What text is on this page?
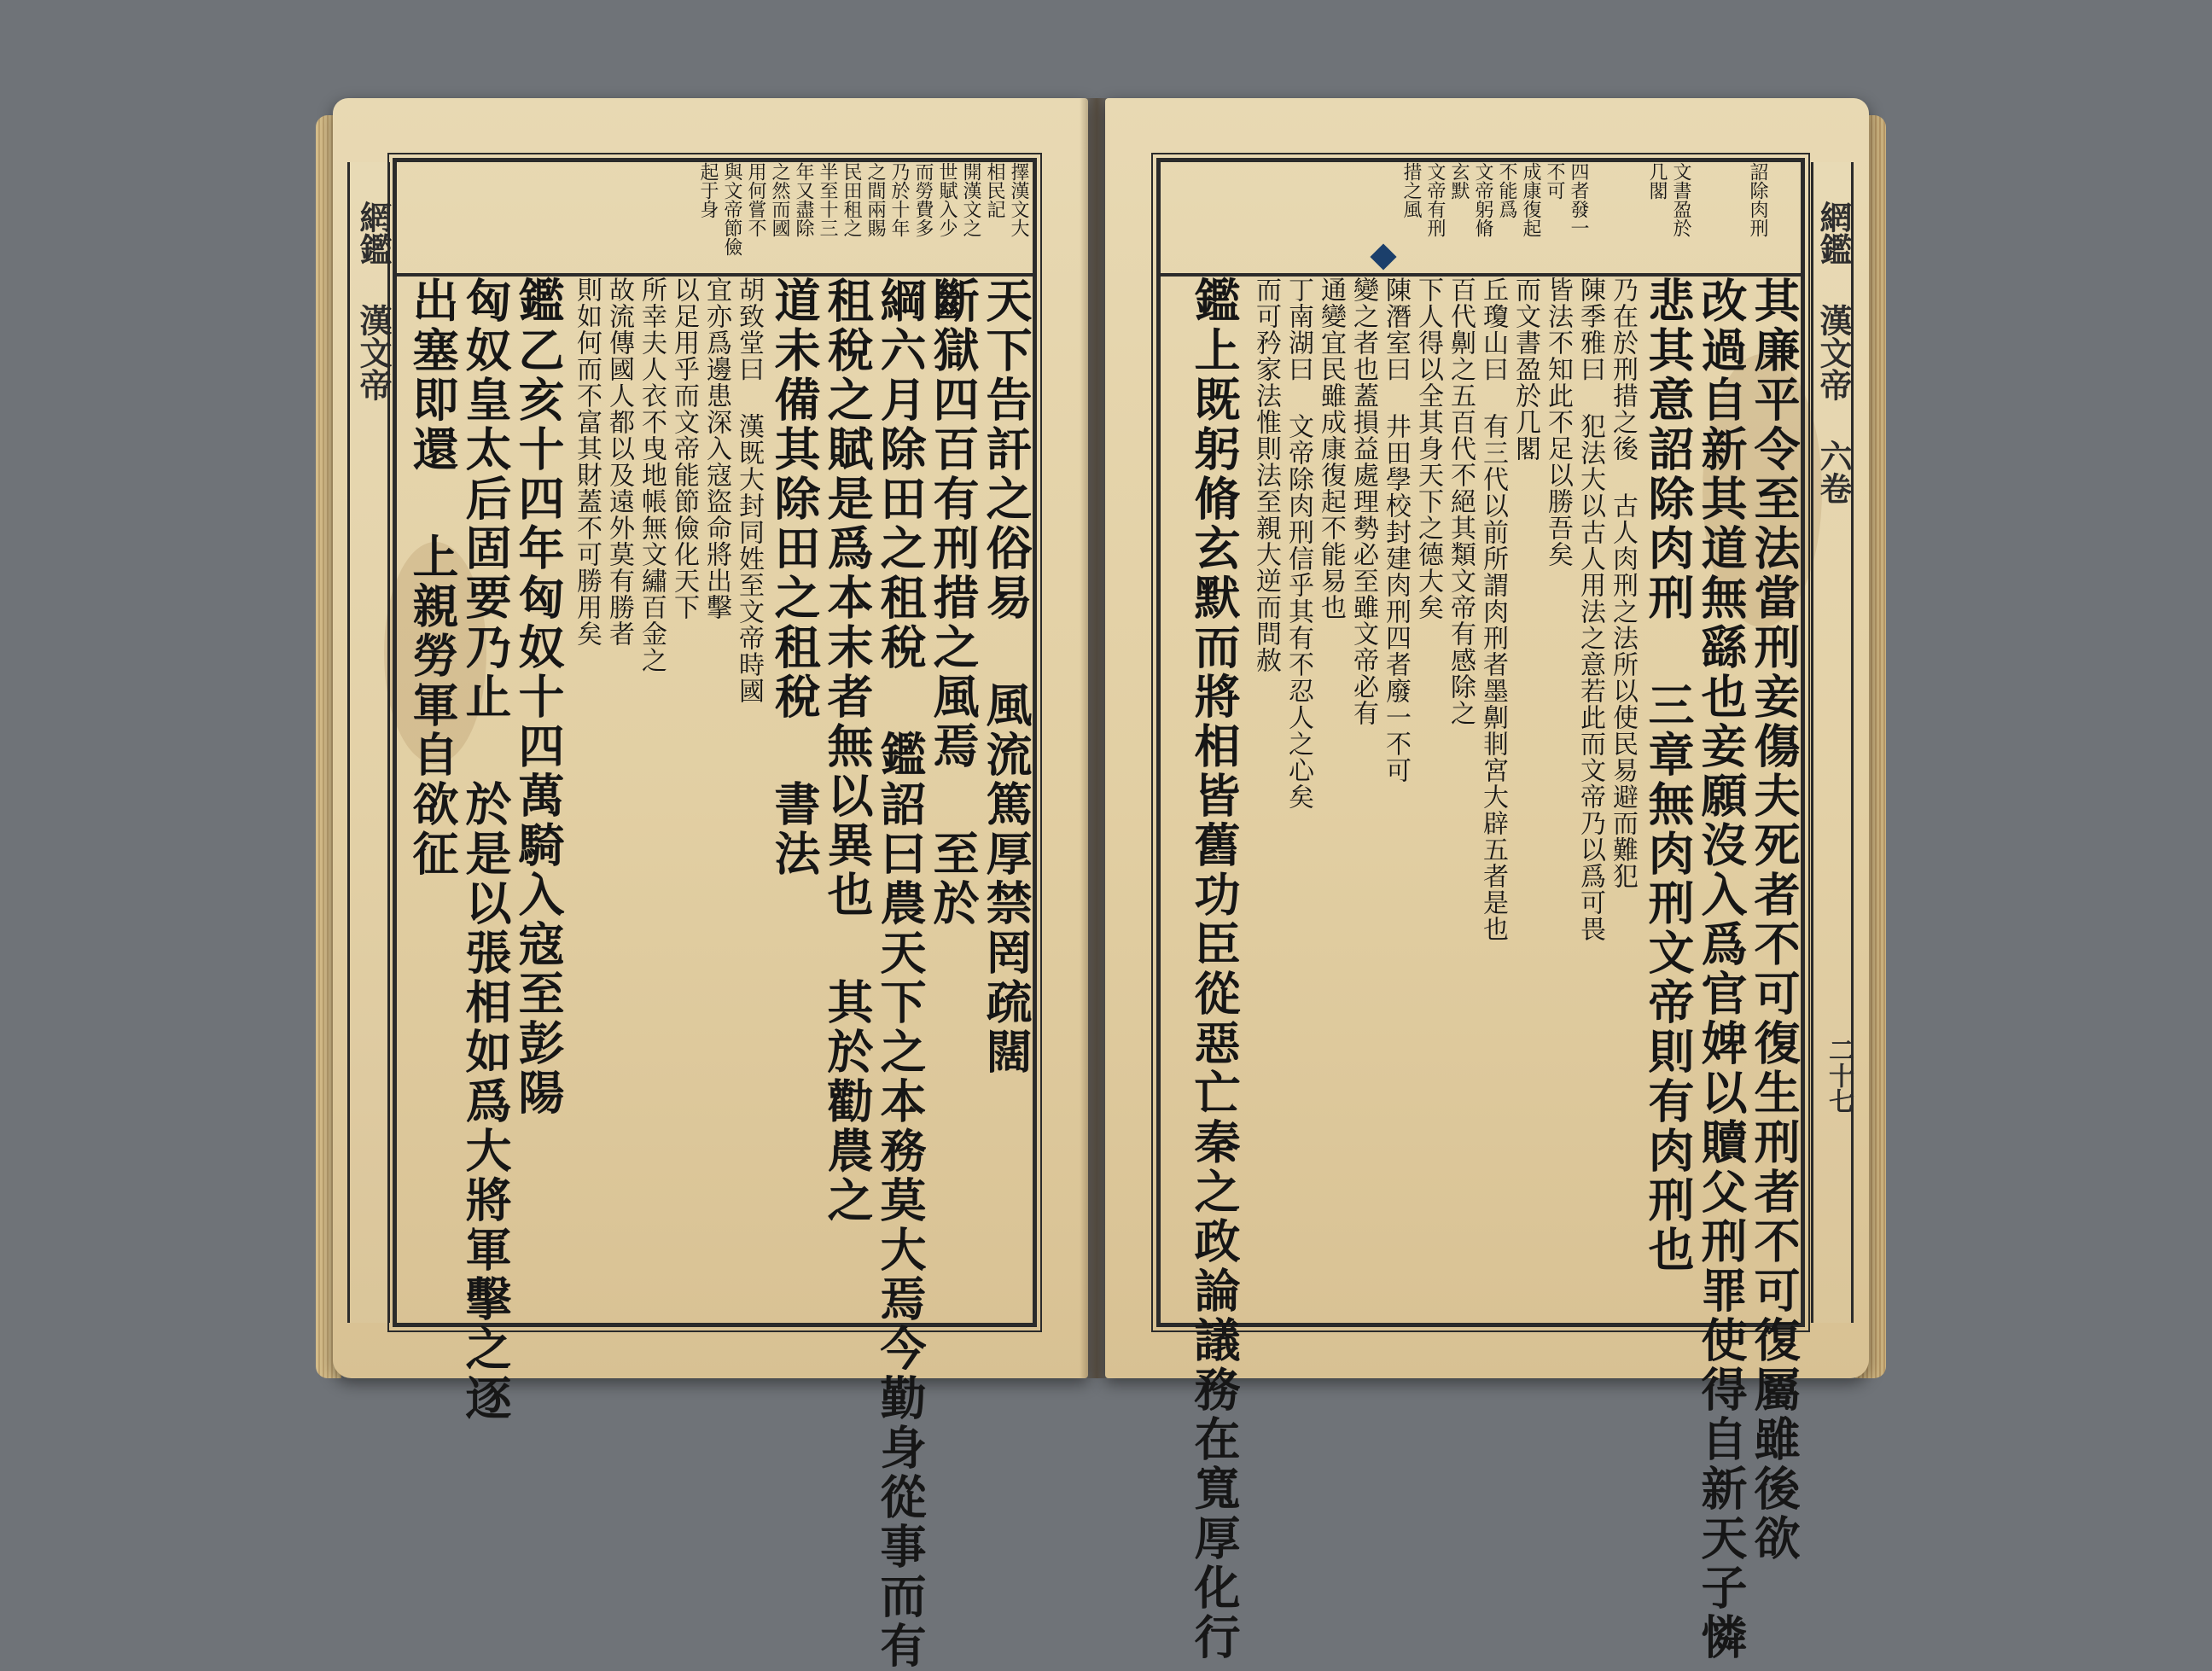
網鑑 漢文帝
擇漢文大
相民記
開漢文之
世賦入少
而勞費多
乃於十年
之間兩賜
民田租之
半至十三
年又盡除
之然而國
用何嘗不
與文帝節儉
起于身
天下告訐之俗易 風流篤厚禁罔疏闊
斷獄四百有刑措之風焉 至於
綱六月除田之租稅 鑑詔曰農天下之本務莫大焉今勤身從事而有
租稅之賦是爲本末者無以異也 其於勸農之
道未備其除田之租稅 書法
胡致堂曰 漢既大封同姓至文帝時國
宜亦爲邊患深入寇盜命將出擊
以足用乎而文帝能節儉化天下
所幸夫人衣不曳地帳無文繡百金之
故流傳國人都以及遠外莫有勝者
則如何而不富其財蓋不可勝用矣
鑑乙亥十四年匈奴十四萬騎入寇至彭陽
匈奴皇太后固要乃止 於是以張相如爲大將軍擊之逐
出塞即還 上親勞軍自欲征	網鑑 漢文帝 六卷
二十七
詔除肉刑
文書盈於
几閣
四者發一
不可
成康復起
不能爲
文帝躬脩
玄默
文帝有刑
措之風
其廉平令至法當刑妾傷夫死者不可復生刑者不可復屬雖後欲
改過自新其道無繇也妾願沒入爲官婢以贖父刑罪使得自新天子憐
悲其意詔除肉刑 三章無肉刑文帝則有肉刑也
乃在於刑措之後 古人肉刑之法所以使民易避而難犯
陳季雅曰 犯法大以古人用法之意若此而文帝乃以爲可畏
皆法不知此不足以勝吾矣
而文書盈於几閣
丘瓊山曰 有三代以前所謂肉刑者墨劓剕宮大辟五者是也
百代劓之五百代不絕其類文帝有感除之
下人得以全其身天下之德大矣
陳潛室曰 井田學校封建肉刑四者廢一不可
變之者也蓋損益處理勢必至雖文帝必有
通變宜民雖成康復起不能易也
丁南湖曰 文帝除肉刑信乎其有不忍人之心矣
而可矜家法惟則法至親大逆而問赦
鑑上既躬脩玄默而將相皆舊功臣從惡亡秦之政論議務在寬厚化行
